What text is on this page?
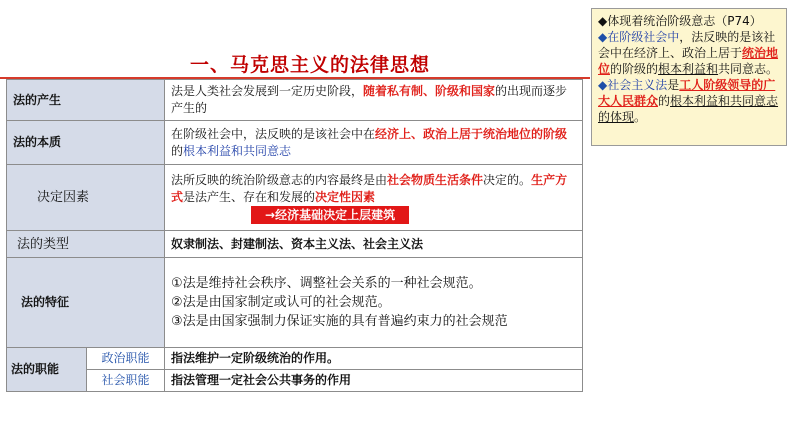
一、马克思主义的法律思想
法的产生		法是人类社会发展到一定历史阶段，随着私有制、阶级和国家的出现而逐步产生的
法的本质		在阶级社会中，法反映的是该社会中在经济上、政治上居于统治地位的阶级的根本利益和共同意志
决定因素		法所反映的统治阶级意志的内容最终是由社会物质生活条件决定的。生产方式是法产生、存在和发展的决定性因素
→经济基础决定上层建筑
法的类型		奴隶制法、封建制法、资本主义法、社会主义法
法的特征		①法是维持社会秩序、调整社会关系的一种社会规范。
②法是由国家制定或认可的社会规范。
③法是由国家强制力保证实施的具有普遍约束力的社会规范

法的职能	政治职能	指法维护一定阶级统治的作用。
	社会职能	指法管理一定社会公共事务的作用
◆体现着统治阶级意志（P74）
◆在阶级社会中，法反映的是该社会中在经济上、政治上居于统治地位的阶级的根本利益和共同意志。
◆社会主义法是工人阶级领导的广大人民群众的根本利益和共同意志的体现。
